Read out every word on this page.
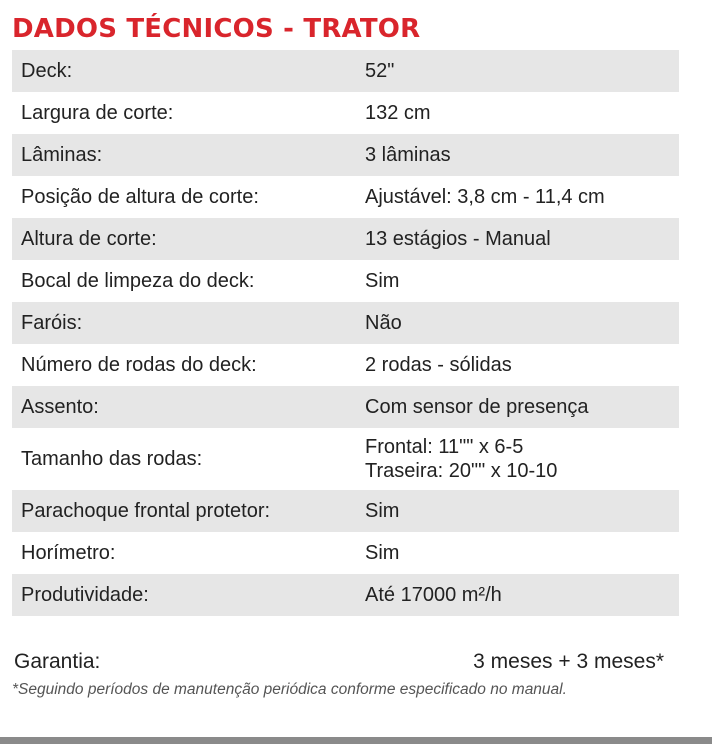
DADOS TÉCNICOS - TRATOR
Deck:	52"
Largura de corte:	132 cm
Lâminas:	3 lâminas
Posição de altura de corte:	Ajustável: 3,8 cm - 11,4 cm
Altura de corte:	13 estágios - Manual
Bocal de limpeza do deck:	Sim
Faróis:	Não
Número de rodas do deck:	2 rodas - sólidas
Assento:	Com sensor de presença
Tamanho das rodas:
Frontal: 11"" x 6-5
Traseira: 20"" x 10-10
Parachoque frontal protetor:	Sim
Horímetro:	Sim
Produtividade:	Até 17000 m²/h
Garantia:	3 meses + 3 meses*

*Seguindo períodos de manutenção periódica conforme especificado no manual.
